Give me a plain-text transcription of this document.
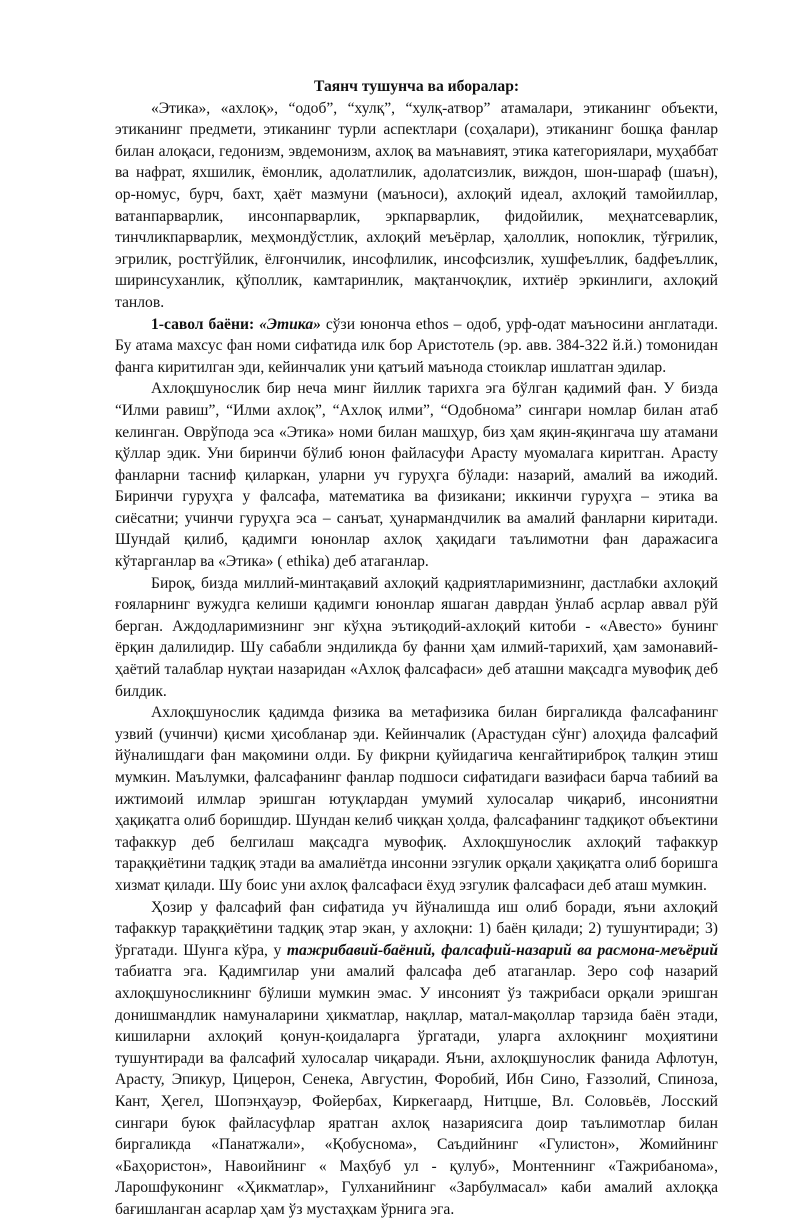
Таянч тушунча ва иборалар:

«Этика», «ахлоқ», “одоб”, “хулқ”, “хулқ-атвор” атамалари, этиканинг объекти, этиканинг предмети, этиканинг турли аспектлари (соҳалари), этиканинг бошқа фанлар билан алоқаси, гедонизм, эвдемонизм, ахлоқ ва маънавият, этика категориялари, муҳаббат ва нафрат, яхшилик, ёмонлик, адолатлилик, адолатсизлик, виждон, шон-шараф (шаън), ор-номус, бурч, бахт, ҳаёт мазмуни (маъноси), ахлоқий идеал, ахлоқий тамойиллар, ватанпарварлик, инсонпарварлик, эркпарварлик, фидойилик, меҳнатсеварлик, тинчликпарварлик, меҳмондўстлик, ахлоқий меъёрлар, ҳалоллик, нопоклик, тўғрилик, эгрилик, ростгўйлик, ёлғончилик, инсофлилик, инсофсизлик, хушфеъллик, бадфеъллик, ширинсуханлик, қўполлик, камтаринлик, мақтанчоқлик, ихтиёр эркинлиги, ахлоқий танлов.

1-савол баёни: «Этика» сўзи юнонча ethos – одоб, урф-одат маъносини англатади. Бу атама махсус фан номи сифатида илк бор Аристотель (эр. авв. 384-322 й.й.) томонидан фанга киритилган эди, кейинчалик уни қатъий маънода стоиклар ишлатган эдилар.

Ахлоқшунослик бир неча минг йиллик тарихга эга бўлган қадимий фан. У бизда “Илми равиш”, “Илми ахлоқ”, “Ахлоқ илми”, “Одобнома” сингари номлар билан атаб келинган. Оврўпода эса «Этика» номи билан машҳур, биз ҳам яқин-яқингача шу атамани қўллар эдик. Уни биринчи бўлиб юнон файласуфи Арасту муомалага киритган. Арасту фанларни тасниф қиларкан, уларни уч гуруҳга бўлади: назарий, амалий ва ижодий. Биринчи гуруҳга у фалсафа, математика ва физикани; иккинчи гуруҳга – этика ва сиёсатни; учинчи гуруҳга эса – санъат, ҳунармандчилик ва амалий фанларни киритади. Шундай қилиб, қадимги юнонлар ахлоқ ҳақидаги таълимотни фан даражасига кўтарганлар ва «Этика» ( ethika) деб атаганлар.

Бироқ, бизда миллий-минтақавий ахлоқий қадриятларимизнинг, дастлабки ахлоқий ғояларнинг вужудга келиши қадимги юнонлар яшаган даврдан ўнлаб асрлар аввал рўй берган. Аждодларимизнинг энг кўҳна эътиқодий-ахлоқий китоби - «Авесто» бунинг ёрқин далилидир. Шу сабабли эндиликда бу фанни ҳам илмий-тарихий, ҳам замонавий-ҳаётий талаблар нуқтаи назаридан «Ахлоқ фалсафаси» деб аташни мақсадга мувофиқ деб билдик.

Ахлоқшунослик қадимда физика ва метафизика билан биргаликда фалсафанинг узвий (учинчи) қисми ҳисобланар эди. Кейинчалик (Арастудан сўнг) алоҳида фалсафий йўналишдаги фан мақомини олди. Бу фикрни қуйидагича кенгайтириброқ талқин этиш мумкин. Маълумки, фалсафанинг фанлар подшоси сифатидаги вазифаси барча табиий ва ижтимоий илмлар эришган ютуқлардан умумий хулосалар чиқариб, инсониятни ҳақиқатга олиб боришдир. Шундан келиб чиққан ҳолда, фалсафанинг тадқиқот объектини тафаккур деб белгилаш мақсадга мувофиқ. Ахлоқшунослик ахлоқий тафаккур тараққиётини тадқиқ этади ва амалиётда инсонни эзгулик орқали ҳақиқатга олиб боришга хизмат қилади. Шу боис уни ахлоқ фалсафаси ёхуд эзгулик фалсафаси деб аташ мумкин.

Ҳозир у фалсафий фан сифатида уч йўналишда иш олиб боради, яъни ахлоқий тафаккур тараққиётини тадқиқ этар экан, у ахлоқни: 1) баён қилади; 2) тушунтиради; 3) ўргатади. Шунга кўра, у тажрибавий-баёний, фалсафий-назарий ва расмона-меъёрий табиатга эга. Қадимгилар уни амалий фалсафа деб атаганлар. Зеро соф назарий ахлоқшуносликнинг бўлиши мумкин эмас. У инсоният ўз тажрибаси орқали эришган донишмандлик намуналарини ҳикматлар, нақллар, матал-мақоллар тарзида баён этади, кишиларни ахлоқий қонун-қоидаларга ўргатади, уларга ахлоқнинг моҳиятини тушунтиради ва фалсафий хулосалар чиқаради. Яъни, ахлоқшунослик фанида Афлотун, Арасту, Эпикур, Цицерон, Сенека, Августин, Форобий, Ибн Сино, Ғаззолий, Спиноза, Кант, Ҳегел, Шопэнҳауэр, Фойербах, Киркегаард, Нитцше, Вл. Соловьёв, Лосский сингари буюк файласуфлар яратган ахлоқ назариясига доир таълимотлар билан биргаликда «Панатжали», «Қобуснома», Саъдийнинг «Гулистон», Жомийнинг «Баҳористон», Навоийнинг « Маҳбуб ул - қулуб», Монтеннинг «Тажрибанома», Ларошфуконинг «Ҳикматлар», Гулханийнинг «Зарбулмасал» каби амалий ахлоққа бағишланган асарлар ҳам ўз мустаҳкам ўрнига эга.
